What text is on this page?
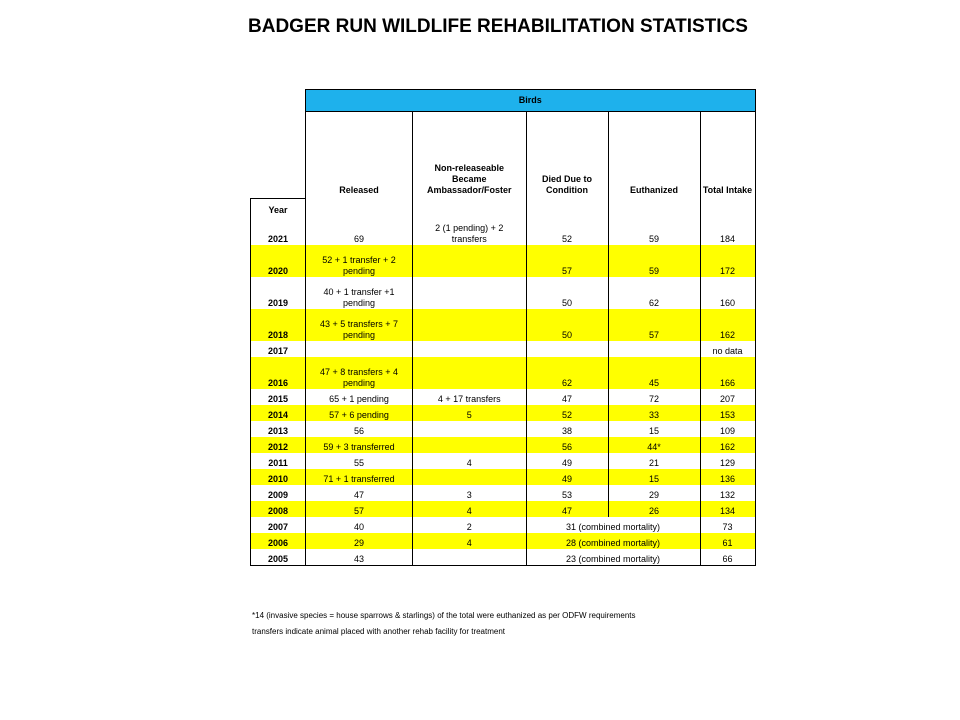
BADGER RUN WILDLIFE REHABILITATION STATISTICS
	Birds				
	Released	Non-releaseable Became Ambassador/Foster	Died Due to Condition	Euthanized	Total Intake

Year
2021	69	2 (1 pending) + 2 transfers	52	59	184
2020	52 + 1 transfer + 2 pending		57	59	172
2019	40 + 1 transfer +1 pending		50	62	160
2018	43 + 5 transfers + 7 pending		50	57	162
2017					no data
2016	47 + 8 transfers + 4 pending		62	45	166
2015	65 + 1 pending	4 + 17 transfers	47	72	207
2014	57 + 6 pending	5	52	33	153
2013	56		38	15	109
2012	59 + 3 transferred		56	44*	162
2011	55	4	49	21	129
2010	71 + 1 transferred		49	15	136
2009	47	3	53	29	132
2008	57	4	47	26	134
2007	40	2	31 (combined mortality)		73
2006	29	4	28 (combined mortality)		61
2005	43		23 (combined mortality)		66
*14 (invasive species = house sparrows & starlings) of the total were euthanized as per ODFW requirements
transfers indicate animal placed with another rehab facility for treatment
